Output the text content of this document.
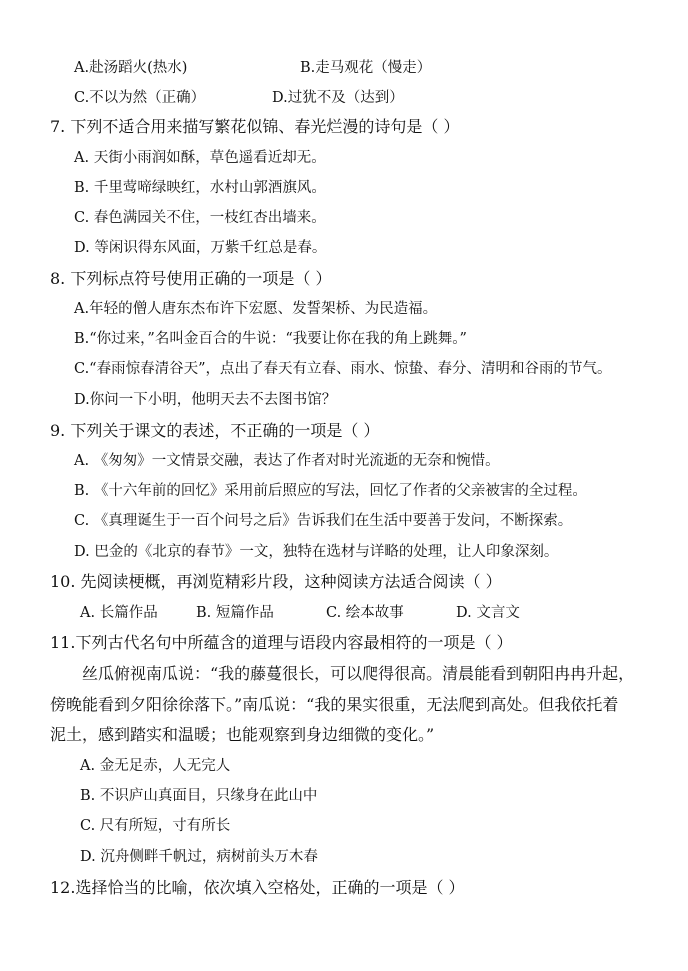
A.赴汤蹈火(热水)	B.走马观花（慢走）
C.不以为然（正确）	D.过犹不及（达到）
7. 下列不适合用来描写繁花似锦、春光烂漫的诗句是（ ）
A. 天街小雨润如酥，草色遥看近却无。
B. 千里莺啼绿映红，水村山郭酒旗风。
C. 春色满园关不住，一枝红杏出墙来。
D. 等闲识得东风面，万紫千红总是春。
8. 下列标点符号使用正确的一项是（ ）
A.年轻的僧人唐东杰布许下宏愿、发誓架桥、为民造福。
B.“你过来，”名叫金百合的牛说：“我要让你在我的角上跳舞。”
C.“春雨惊春清谷天”，点出了春天有立春、雨水、惊蛰、春分、清明和谷雨的节气。
D.你问一下小明，他明天去不去图书馆？
9. 下列关于课文的表述，不正确的一项是（ ）
A. 《匆匆》一文情景交融，表达了作者对时光流逝的无奈和惋惜。
B. 《十六年前的回忆》采用前后照应的写法，回忆了作者的父亲被害的全过程。
C. 《真理诞生于一百个问号之后》告诉我们在生活中要善于发问，不断探索。
D. 巴金的《北京的春节》一文，独特在选材与详略的处理，让人印象深刻。
10. 先阅读梗概，再浏览精彩片段，这种阅读方法适合阅读（ ）
A. 长篇作品	B. 短篇作品	C. 绘本故事	D. 文言文
11.下列古代名句中所蕴含的道理与语段内容最相符的一项是（ ）
丝瓜俯视南瓜说：“我的藤蔓很长，可以爬得很高。清晨能看到朝阳冉冉升起，
傍晚能看到夕阳徐徐落下。”南瓜说：“我的果实很重，无法爬到高处。但我依托着
泥土，感到踏实和温暖；也能观察到身边细微的变化。”
A. 金无足赤，人无完人
B. 不识庐山真面目，只缘身在此山中
C. 尺有所短，寸有所长
D. 沉舟侧畔千帆过，病树前头万木春
12.选择恰当的比喻，依次填入空格处，正确的一项是（ ）
